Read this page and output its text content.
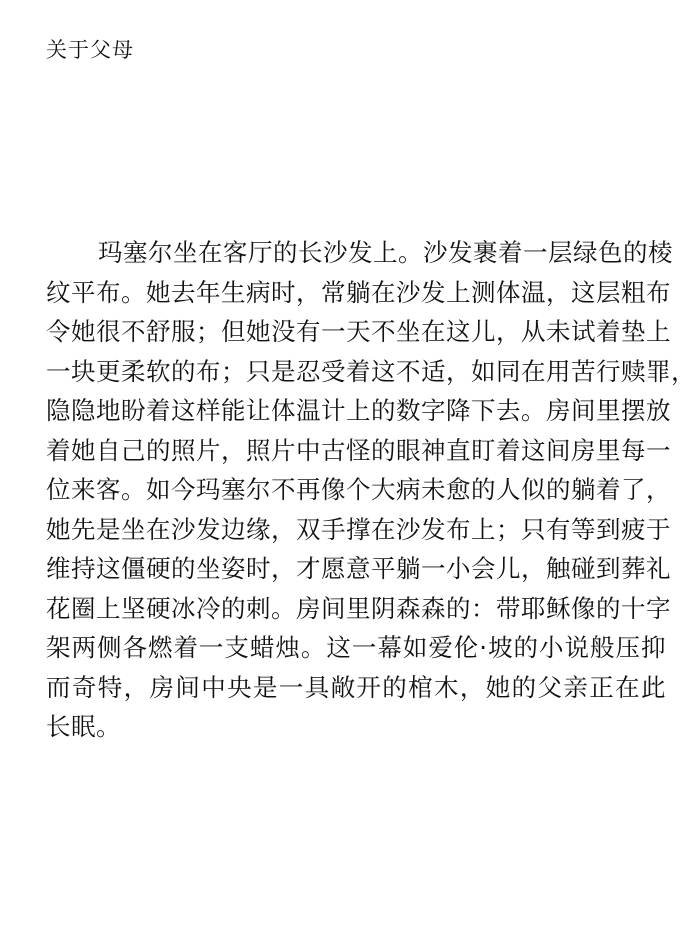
关于父母
玛塞尔坐在客厅的长沙发上。沙发裹着一层绿色的棱
纹平布。她去年生病时，常躺在沙发上测体温，这层粗布
令她很不舒服；但她没有一天不坐在这儿，从未试着垫上
一块更柔软的布；只是忍受着这不适，如同在用苦行赎罪，
隐隐地盼着这样能让体温计上的数字降下去。房间里摆放
着她自己的照片，照片中古怪的眼神直盯着这间房里每一
位来客。如今玛塞尔不再像个大病未愈的人似的躺着了，
她先是坐在沙发边缘，双手撑在沙发布上；只有等到疲于
维持这僵硬的坐姿时，才愿意平躺一小会儿，触碰到葬礼
花圈上坚硬冰冷的刺。房间里阴森森的：带耶稣像的十字
架两侧各燃着一支蜡烛。这一幕如爱伦·坡的小说般压抑
而奇特，房间中央是一具敞开的棺木，她的父亲正在此
长眠。
